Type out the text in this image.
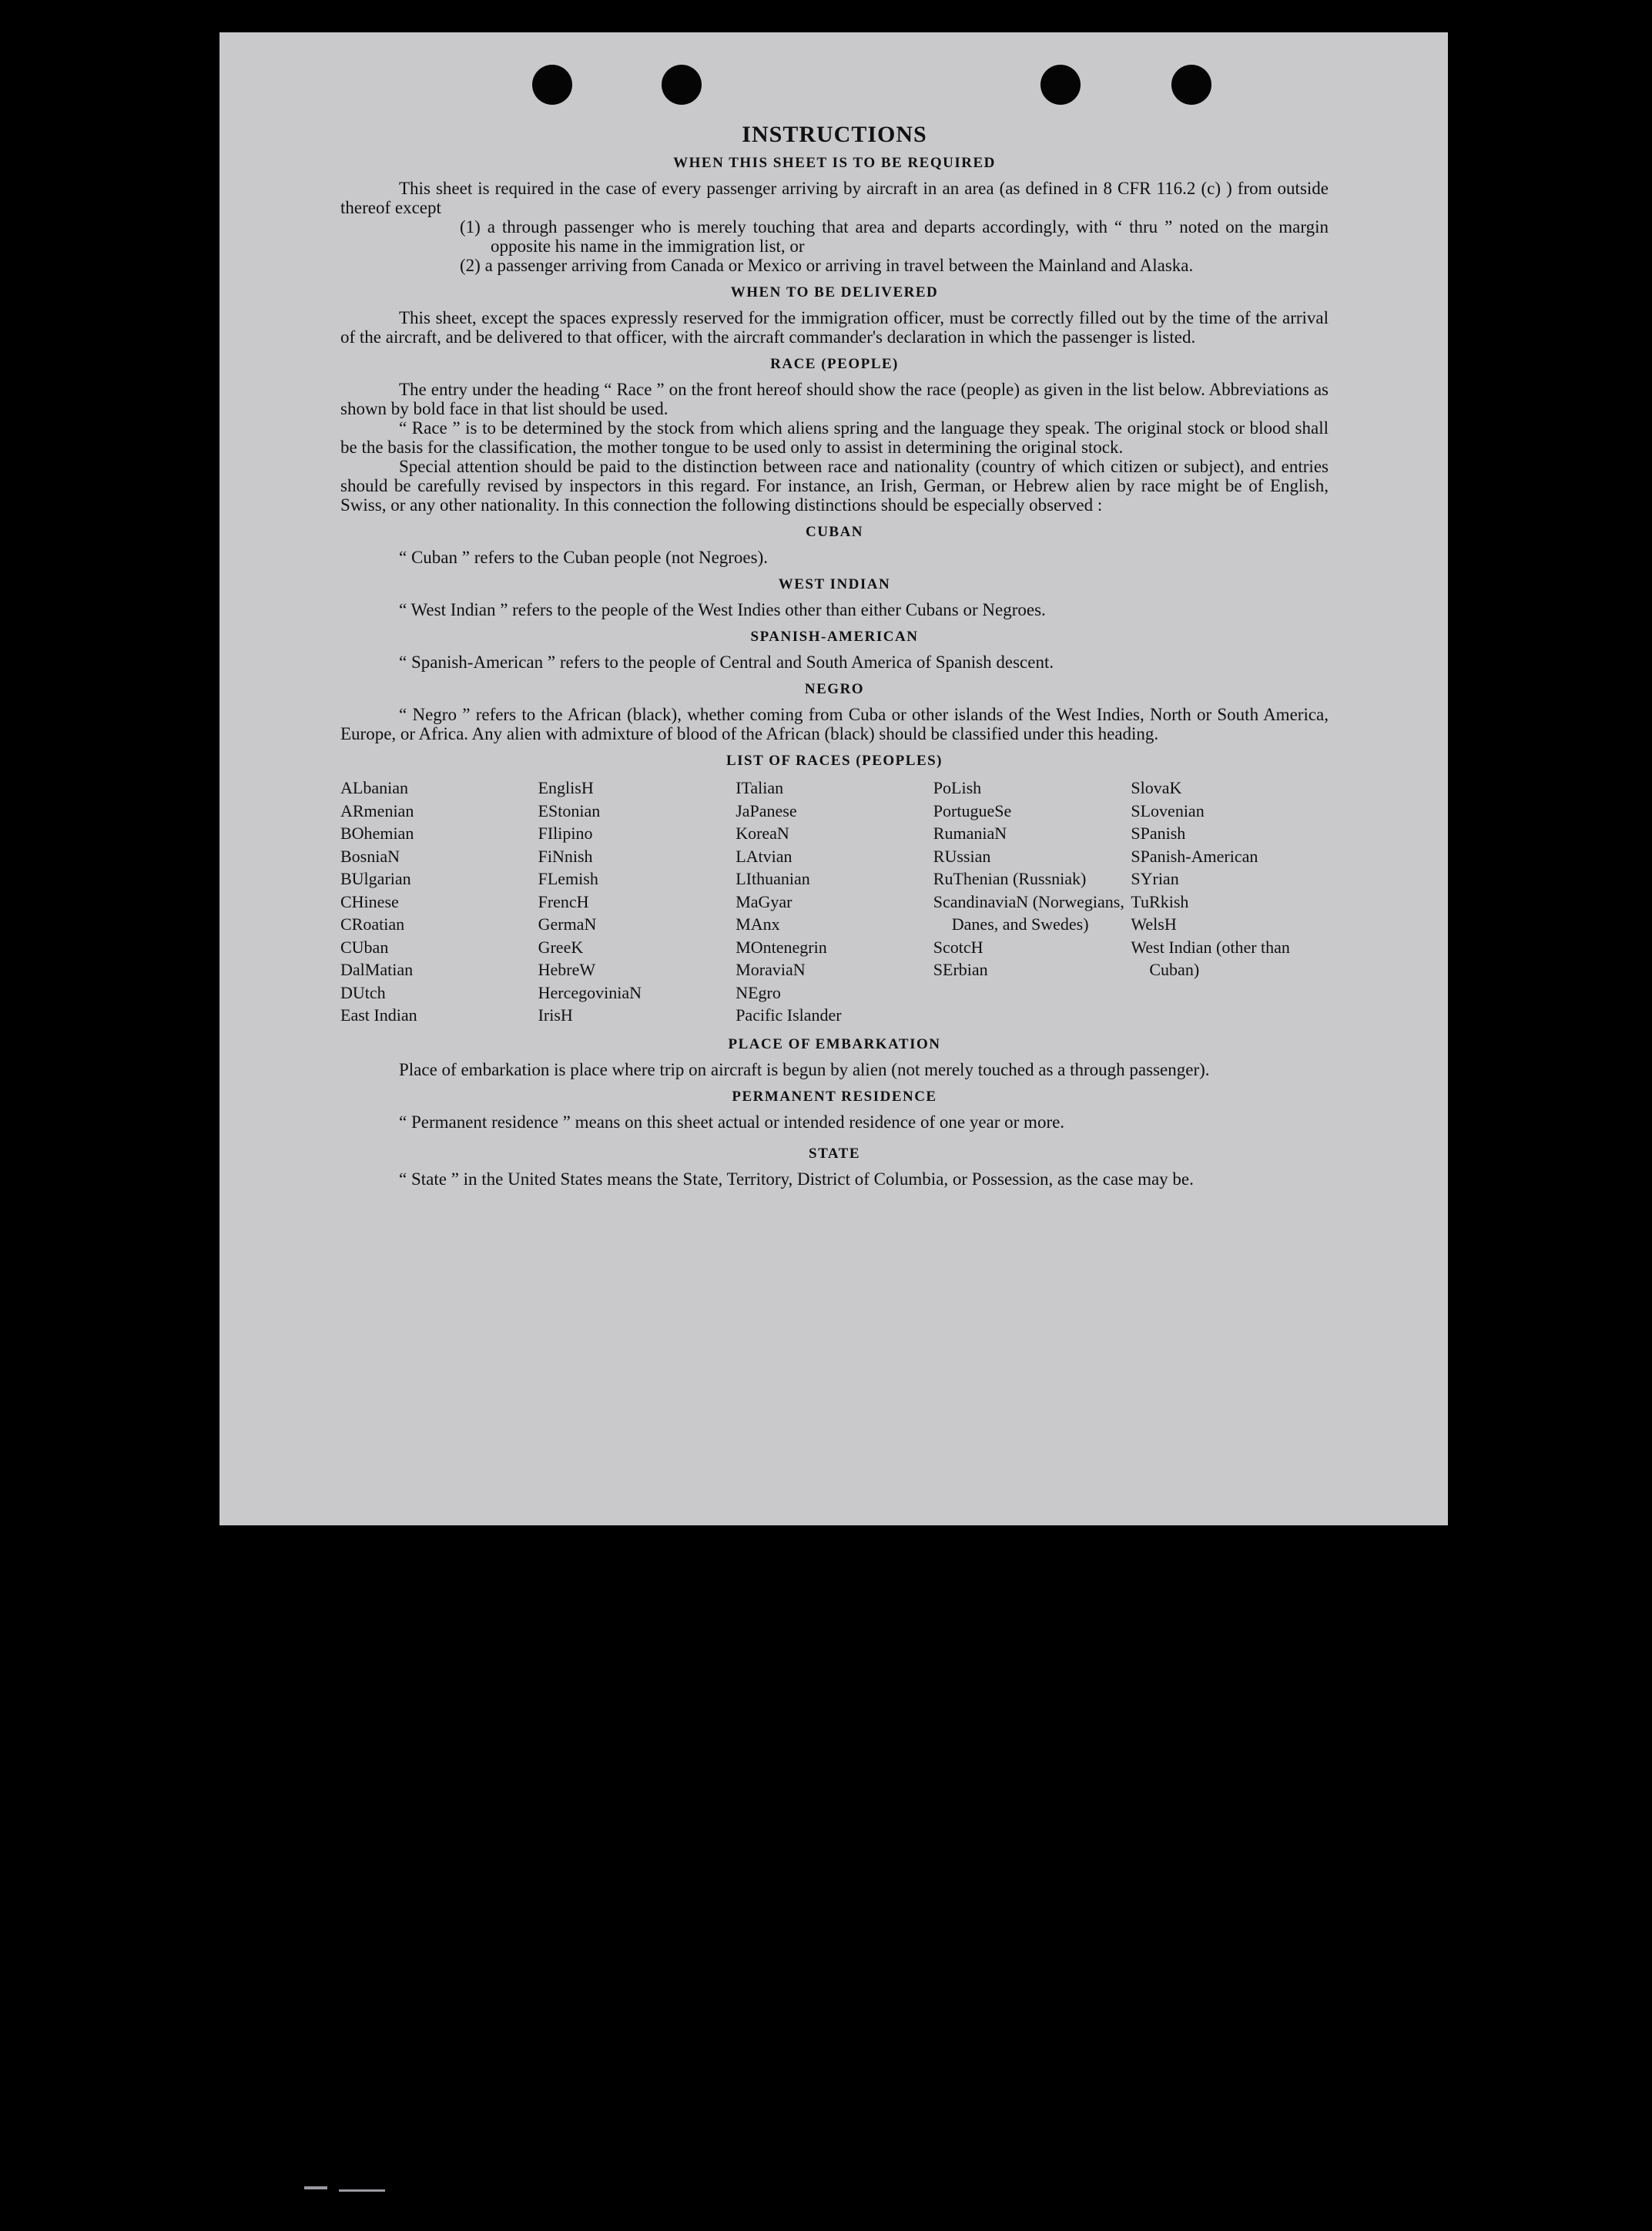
INSTRUCTIONS
WHEN THIS SHEET IS TO BE REQUIRED

This sheet is required in the case of every passenger arriving by aircraft in an area (as defined in 8 CFR 116.2 (c) ) from outside thereof except

(1) a through passenger who is merely touching that area and departs accordingly, with “ thru ” noted on the margin opposite his name in the immigration list, or

(2) a passenger arriving from Canada or Mexico or arriving in travel between the Mainland and Alaska.

WHEN TO BE DELIVERED

This sheet, except the spaces expressly reserved for the immigration officer, must be correctly filled out by the time of the arrival of the aircraft, and be delivered to that officer, with the aircraft commander's declaration in which the passenger is listed.

RACE (PEOPLE)

The entry under the heading “ Race ” on the front hereof should show the race (people) as given in the list below. Abbreviations as shown by bold face in that list should be used.

“ Race ” is to be determined by the stock from which aliens spring and the language they speak. The original stock or blood shall be the basis for the classification, the mother tongue to be used only to assist in determining the original stock.

Special attention should be paid to the distinction between race and nationality (country of which citizen or subject), and entries should be carefully revised by inspectors in this regard. For instance, an Irish, German, or Hebrew alien by race might be of English, Swiss, or any other nationality. In this connection the following distinctions should be especially observed :

CUBAN

“ Cuban ” refers to the Cuban people (not Negroes).

WEST INDIAN

“ West Indian ” refers to the people of the West Indies other than either Cubans or Negroes.

SPANISH-AMERICAN

“ Spanish-American ” refers to the people of Central and South America of Spanish descent.

NEGRO

“ Negro ” refers to the African (black), whether coming from Cuba or other islands of the West Indies, North or South America, Europe, or Africa. Any alien with admixture of blood of the African (black) should be classified under this heading.

LIST OF RACES (PEOPLES)
ALbanian
ARmenian
BOhemian
BosniaN
BUlgarian
CHinese
CRoatian
CUban
DalMatian
DUtch
East Indian
EnglisH
EStonian
FIlipino
FiNnish
FLemish
FrencH
GermaN
GreeK
HebreW
HercegoviniaN
IrisH
ITalian
JaPanese
KoreaN
LAtvian
LIthuanian
MaGyar
MAnx
MOntenegrin
MoraviaN
NEgro
Pacific Islander
PoLish
PortugueSe
RumaniaN
RUssian
RuThenian (Russniak)
ScandinaviaN (Norwegians, Danes, and Swedes)
ScotcH
SErbian
SlovaK
SLovenian
SPanish
SPanish-American
SYrian
TuRkish
WelsH
West Indian (other than Cuban)
PLACE OF EMBARKATION

Place of embarkation is place where trip on aircraft is begun by alien (not merely touched as a through passenger).

PERMANENT RESIDENCE

“ Permanent residence ” means on this sheet actual or intended residence of one year or more.

STATE

“ State ” in the United States means the State, Territory, District of Columbia, or Possession, as the case may be.
